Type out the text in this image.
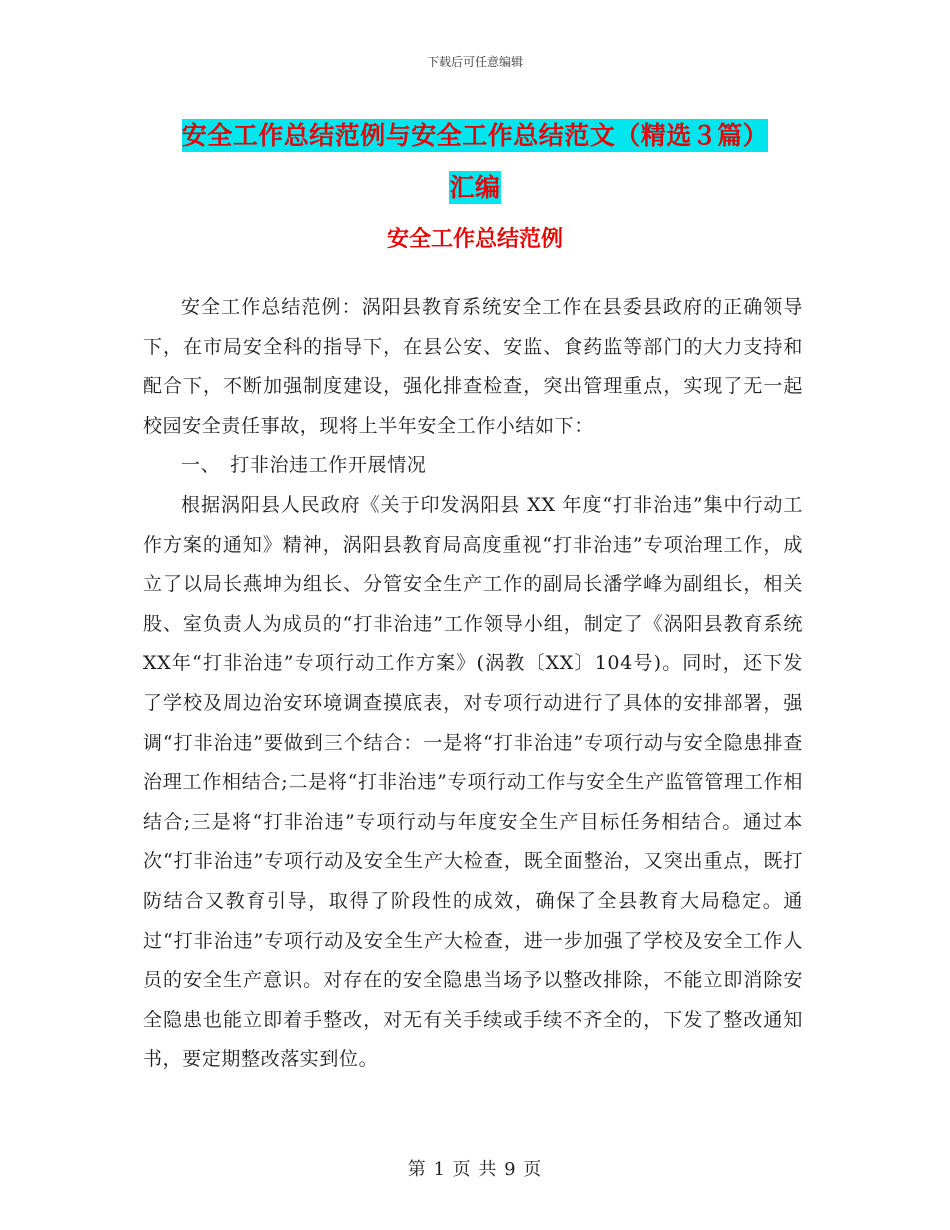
下载后可任意编辑
安全工作总结范例与安全工作总结范文（精选３篇）
汇编
安全工作总结范例

安全工作总结范例：涡阳县教育系统安全工作在县委县政府的正确领导下，在市局安全科的指导下，在县公安、安监、食药监等部门的大力支持和配合下，不断加强制度建设，强化排查检查，突出管理重点，实现了无一起校园安全责任事故，现将上半年安全工作小结如下：

一、　打非治违工作开展情况

根据涡阳县人民政府《关于印发涡阳县 XX 年度“打非治违”集中行动工作方案的通知》精神，涡阳县教育局高度重视“打非治违”专项治理工作，成立了以局长燕坤为组长、分管安全生产工作的副局长潘学峰为副组长，相关股、室负责人为成员的“打非治违”工作领导小组，制定了《涡阳县教育系统XX年“打非治违”专项行动工作方案》(涡教〔XX〕104号)。同时，还下发了学校及周边治安环境调查摸底表，对专项行动进行了具体的安排部署，强调“打非治违”要做到三个结合：一是将“打非治违”专项行动与安全隐患排查治理工作相结合;二是将“打非治违”专项行动工作与安全生产监管管理工作相结合;三是将“打非治违”专项行动与年度安全生产目标任务相结合。通过本次“打非治违”专项行动及安全生产大检查，既全面整治，又突出重点，既打防结合又教育引导，取得了阶段性的成效，确保了全县教育大局稳定。通过“打非治违”专项行动及安全生产大检查，进一步加强了学校及安全工作人员的安全生产意识。对存在的安全隐患当场予以整改排除，不能立即消除安全隐患也能立即着手整改，对无有关手续或手续不齐全的，下发了整改通知书，要定期整改落实到位。

第 1 页 共 9 页
